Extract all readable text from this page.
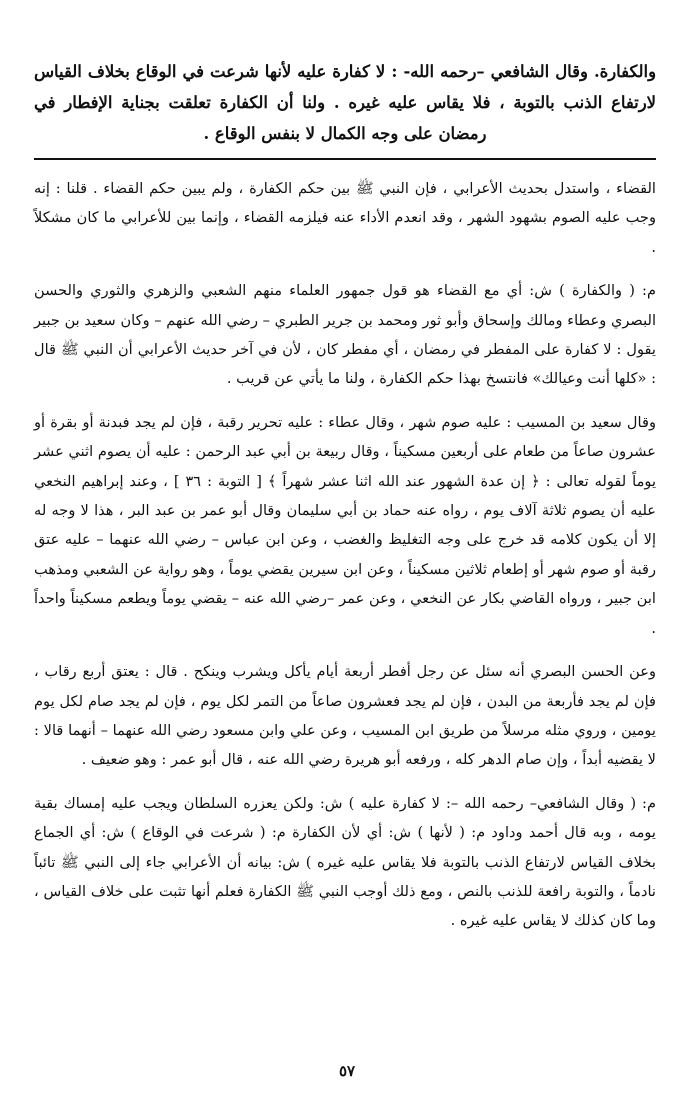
والكفارة. وقال الشافعي –رحمه الله- : لا كفارة عليه لأنها شرعت في الوقاع بخلاف القياس لارتفاع الذنب بالتوبة ، فلا يقاس عليه غيره . ولنا أن الكفارة تعلقت بجناية الإفطار في رمضان على وجه الكمال لا بنفس الوقاع .

القضاء ، واستدل بحديث الأعرابي ، فإن النبي ﷺ بين حكم الكفارة ، ولم يبين حكم القضاء . قلنا : إنه وجب عليه الصوم بشهود الشهر ، وقد انعدم الأداء عنه فيلزمه القضاء ، وإنما بين للأعرابي ما كان مشكلاً .

م: ( والكفارة ) ش: أي مع القضاء هو قول جمهور العلماء منهم الشعبي والزهري والثوري والحسن البصري وعطاء ومالك وإسحاق وأبو ثور ومحمد بن جرير الطبري – رضي الله عنهم – وكان سعيد بن جبير يقول : لا كفارة على المفطر في رمضان ، أي مفطر كان ، لأن في آخر حديث الأعرابي أن النبي ﷺ قال : «كلها أنت وعيالك» فانتسخ بهذا حكم الكفارة ، ولنا ما يأتي عن قريب .

وقال سعيد بن المسيب : عليه صوم شهر ، وقال عطاء : عليه تحرير رقبة ، فإن لم يجد فبدنة أو بقرة أو عشرون صاعاً من طعام على أربعين مسكيناً ، وقال ربيعة بن أبي عبد الرحمن : عليه أن يصوم اثني عشر يوماً لقوله تعالى : ﴿ إن عدة الشهور عند الله اثنا عشر شهراً ﴾ [ التوبة : ٣٦ ] ، وعند إبراهيم النخعي عليه أن يصوم ثلاثة آلاف يوم ، رواه عنه حماد بن أبي سليمان وقال أبو عمر بن عبد البر ، هذا لا وجه له إلا أن يكون كلامه قد خرج على وجه التغليظ والغضب ، وعن ابن عباس – رضي الله عنهما – عليه عتق رقبة أو صوم شهر أو إطعام ثلاثين مسكيناً ، وعن ابن سيرين يقضي يوماً ، وهو رواية عن الشعبي ومذهب ابن جبير ، ورواه القاضي بكار عن النخعي ، وعن عمر –رضي الله عنه – يقضي يوماً ويطعم مسكيناً واحداً .

وعن الحسن البصري أنه سئل عن رجل أفطر أربعة أيام يأكل ويشرب وينكح . قال : يعتق أربع رقاب ، فإن لم يجد فأربعة من البدن ، فإن لم يجد فعشرون صاعاً من التمر لكل يوم ، فإن لم يجد صام لكل يوم يومين ، وروي مثله مرسلاً من طريق ابن المسيب ، وعن علي وابن مسعود رضي الله عنهما – أنهما قالا : لا يقضيه أبداً ، وإن صام الدهر كله ، ورفعه أبو هريرة رضي الله عنه ، قال أبو عمر : وهو ضعيف .

م: ( وقال الشافعي– رحمه الله –: لا كفارة عليه ) ش: ولكن يعزره السلطان ويجب عليه إمساك بقية يومه ، وبه قال أحمد وداود م: ( لأنها ) ش: أي لأن الكفارة م: ( شرعت في الوقاع ) ش: أي الجماع بخلاف القياس لارتفاع الذنب بالتوبة فلا يقاس عليه غيره ) ش: بيانه أن الأعرابي جاء إلى النبي ﷺ تائباً نادماً ، والتوبة رافعة للذنب بالنص ، ومع ذلك أوجب النبي ﷺ الكفارة فعلم أنها تثبت على خلاف القياس ، وما كان كذلك لا يقاس عليه غيره .

٥٧
